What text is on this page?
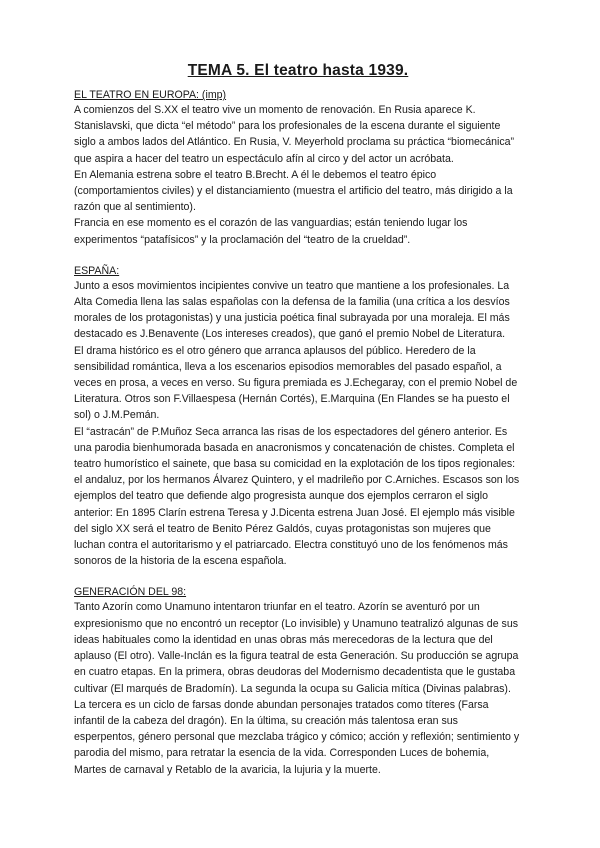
TEMA 5. El teatro hasta 1939.

EL TEATRO EN EUROPA: (imp)

A comienzos del S.XX el teatro vive un momento de renovación. En Rusia aparece K. Stanislavski, que dicta “el método” para los profesionales de la escena durante el siguiente siglo a ambos lados del Atlántico. En Rusia, V. Meyerhold proclama su práctica “biomecánica” que aspira a hacer del teatro un espectáculo afín al circo y del actor un acróbata.

En Alemania estrena sobre el teatro B.Brecht. A él le debemos el teatro épico (comportamientos civiles) y el distanciamiento (muestra el artificio del teatro, más dirigido a la razón que al sentimiento).

Francia en ese momento es el corazón de las vanguardias; están teniendo lugar los experimentos “patafísicos” y la proclamación del “teatro de la crueldad”.

ESPAÑA:

Junto a esos movimientos incipientes convive un teatro que mantiene a los profesionales. La Alta Comedia llena las salas españolas con la defensa de la familia (una crítica a los desvíos morales de los protagonistas) y una justicia poética final subrayada por una moraleja. El más destacado es J.Benavente (Los intereses creados), que ganó el premio Nobel de Literatura.

El drama histórico es el otro género que arranca aplausos del público. Heredero de la sensibilidad romántica, lleva a los escenarios episodios memorables del pasado español, a veces en prosa, a veces en verso. Su figura premiada es J.Echegaray, con el premio Nobel de Literatura. Otros son F.Villaespesa (Hernán Cortés), E.Marquina (En Flandes se ha puesto el sol) o J.M.Pemán.

El “astracán” de P.Muñoz Seca arranca las risas de los espectadores del género anterior. Es una parodia bienhumorada basada en anacronismos y concatenación de chistes. Completa el teatro humorístico el sainete, que basa su comicidad en la explotación de los tipos regionales: el andaluz, por los hermanos Álvarez Quintero, y el madrileño por C.Arniches. Escasos son los ejemplos del teatro que defiende algo progresista aunque dos ejemplos cerraron el siglo anterior: En 1895 Clarín estrena Teresa y J.Dicenta estrena Juan José. El ejemplo más visible del siglo XX será el teatro de Benito Pérez Galdós, cuyas protagonistas son mujeres que luchan contra el autoritarismo y el patriarcado. Electra constituyó uno de los fenómenos más sonoros de la historia de la escena española.

GENERACIÓN DEL 98:

Tanto Azorín como Unamuno intentaron triunfar en el teatro. Azorín se aventuró por un expresionismo que no encontró un receptor (Lo invisible) y Unamuno teatralizó algunas de sus ideas habituales como la identidad en unas obras más merecedoras de la lectura que del aplauso (El otro). Valle-Inclán es la figura teatral de esta Generación. Su producción se agrupa en cuatro etapas. En la primera, obras deudoras del Modernismo decadentista que le gustaba cultivar (El marqués de Bradomín). La segunda la ocupa su Galicia mítica (Divinas palabras). La tercera es un ciclo de farsas donde abundan personajes tratados como títeres (Farsa infantil de la cabeza del dragón). En la última, su creación más talentosa eran sus esperpentos, género personal que mezclaba trágico y cómico; acción y reflexión; sentimiento y parodia del mismo, para retratar la esencia de la vida. Corresponden Luces de bohemia, Martes de carnaval y Retablo de la avaricia, la lujuria y la muerte.
